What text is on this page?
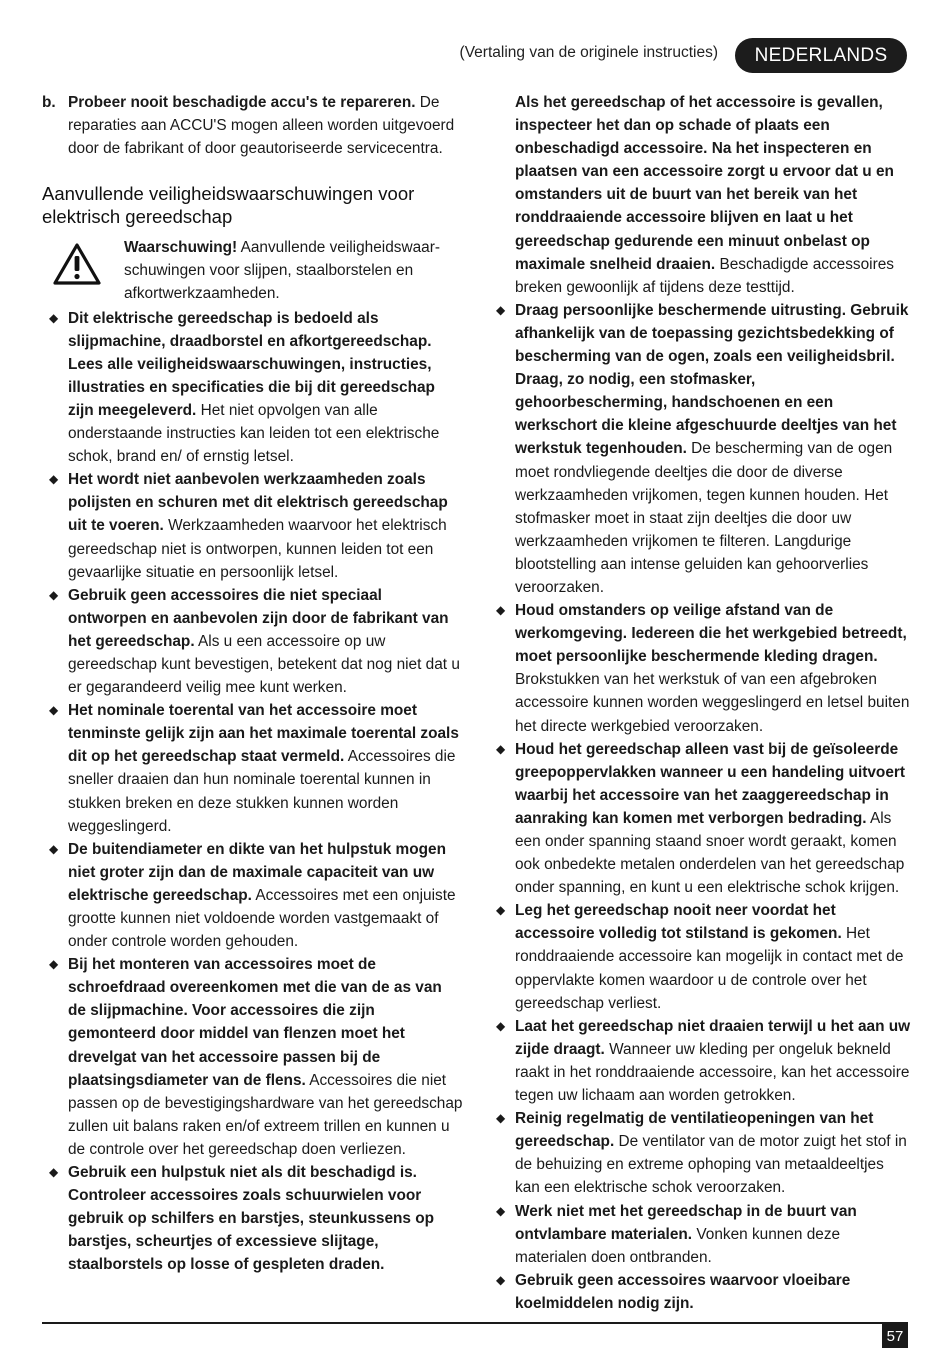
(Vertaling van de originele instructies)	NEDERLANDS
b. Probeer nooit beschadigde accu's te repareren. De reparaties aan ACCU'S mogen alleen worden uitgevoerd door de fabrikant of door geautoriseerde servicecentra.

Aanvullende veiligheidswaarschuwingen voor elektrisch gereedschap

Waarschuwing! Aanvullende veiligheidswaar- schuwingen voor slijpen, staalborstelen en afkortwerkzaamheden.

◆ Dit elektrische gereedschap is bedoeld als slijpmachine, draadborstel en afkortgereedschap. Lees alle veiligheidswaarschuwingen, instructies, illustraties en specificaties die bij dit gereedschap zijn meegeleverd. Het niet opvolgen van alle onderstaande instructies kan leiden tot een elektrische schok, brand en/ of ernstig letsel.

◆ Het wordt niet aanbevolen werkzaamheden zoals polijsten en schuren met dit elektrisch gereedschap uit te voeren. Werkzaamheden waarvoor het elektrisch gereedschap niet is ontworpen, kunnen leiden tot een gevaarlijke situatie en persoonlijk letsel.

◆ Gebruik geen accessoires die niet speciaal ontworpen en aanbevolen zijn door de fabrikant van het gereedschap. Als u een accessoire op uw gereedschap kunt bevestigen, betekent dat nog niet dat u er gegarandeerd veilig mee kunt werken.

◆ Het nominale toerental van het accessoire moet tenminste gelijk zijn aan het maximale toerental zoals dit op het gereedschap staat vermeld. Accessoires die sneller draaien dan hun nominale toerental kunnen in stukken breken en deze stukken kunnen worden weggeslingerd.

◆ De buitendiameter en dikte van het hulpstuk mogen niet groter zijn dan de maximale capaciteit van uw elektrische gereedschap. Accessoires met een onjuiste grootte kunnen niet voldoende worden vastgemaakt of onder controle worden gehouden.

◆ Bij het monteren van accessoires moet de schroefdraad overeenkomen met die van de as van de slijpmachine. Voor accessoires die zijn gemonteerd door middel van flenzen moet het drevelgat van het accessoire passen bij de plaatsingsdiameter van de flens. Accessoires die niet passen op de bevestigingshardware van het gereedschap zullen uit balans raken en/of extreem trillen en kunnen u de controle over het gereedschap doen verliezen.

◆ Gebruik een hulpstuk niet als dit beschadigd is. Controleer accessoires zoals schuurwielen voor gebruik op schilfers en barstjes, steunkussens op barstjes, scheurtjes of excessieve slijtage, staalborstels op losse of gespleten draden.

Als het gereedschap of het accessoire is gevallen, inspecteer het dan op schade of plaats een onbeschadigd accessoire. Na het inspecteren en plaatsen van een accessoire zorgt u ervoor dat u en omstanders uit de buurt van het bereik van het ronddraaiende accessoire blijven en laat u het gereedschap gedurende een minuut onbelast op maximale snelheid draaien. Beschadigde accessoires breken gewoonlijk af tijdens deze testtijd.

◆ Draag persoonlijke beschermende uitrusting. Gebruik afhankelijk van de toepassing gezichtsbedekking of bescherming van de ogen, zoals een veiligheidsbril. Draag, zo nodig, een stofmasker, gehoorbescherming, handschoenen en een werkschort die kleine afgeschuurde deeltjes van het werkstuk tegenhouden. De bescherming van de ogen moet rondvliegende deeltjes die door de diverse werkzaamheden vrijkomen, tegen kunnen houden. Het stofmasker moet in staat zijn deeltjes die door uw werkzaamheden vrijkomen te filteren. Langdurige blootstelling aan intense geluiden kan gehoorverlies veroorzaken.

◆ Houd omstanders op veilige afstand van de werkomgeving. Iedereen die het werkgebied betreedt, moet persoonlijke beschermende kleding dragen. Brokstukken van het werkstuk of van een afgebroken accessoire kunnen worden weggeslingerd en letsel buiten het directe werkgebied veroorzaken.

◆ Houd het gereedschap alleen vast bij de geïsoleerde greepoppervlakken wanneer u een handeling uitvoert waarbij het accessoire van het zaaggereedschap in aanraking kan komen met verborgen bedrading. Als een onder spanning staand snoer wordt geraakt, komen ook onbedekte metalen onderdelen van het gereedschap onder spanning, en kunt u een elektrische schok krijgen.

◆ Leg het gereedschap nooit neer voordat het accessoire volledig tot stilstand is gekomen. Het ronddraaiende accessoire kan mogelijk in contact met de oppervlakte komen waardoor u de controle over het gereedschap verliest.

◆ Laat het gereedschap niet draaien terwijl u het aan uw zijde draagt. Wanneer uw kleding per ongeluk bekneld raakt in het ronddraaiende accessoire, kan het accessoire tegen uw lichaam aan worden getrokken.

◆ Reinig regelmatig de ventilatieopeningen van het gereedschap. De ventilator van de motor zuigt het stof in de behuizing en extreme ophoping van metaaldeeltjes kan een elektrische schok veroorzaken.

◆ Werk niet met het gereedschap in de buurt van ontvlambare materialen. Vonken kunnen deze materialen doen ontbranden.

◆ Gebruik geen accessoires waarvoor vloeibare koelmiddelen nodig zijn.

57
